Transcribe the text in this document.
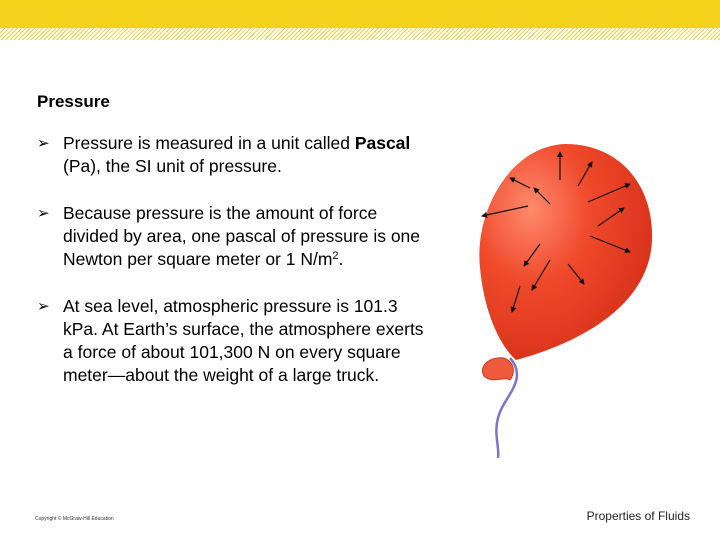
Pressure
➢ Pressure is measured in a unit called Pascal (Pa), the SI unit of pressure.
➢ Because pressure is the amount of force divided by area, one pascal of pressure is one Newton per square meter or 1 $N/m^2$.
➢ At sea level, atmospheric pressure is 101.3 kPa. At Earth’s surface, the atmosphere exerts a force of about 101,300 N on every square meter—about the weight of a large truck.
Copyright © McGraw-Hill Education	Properties of Fluids
